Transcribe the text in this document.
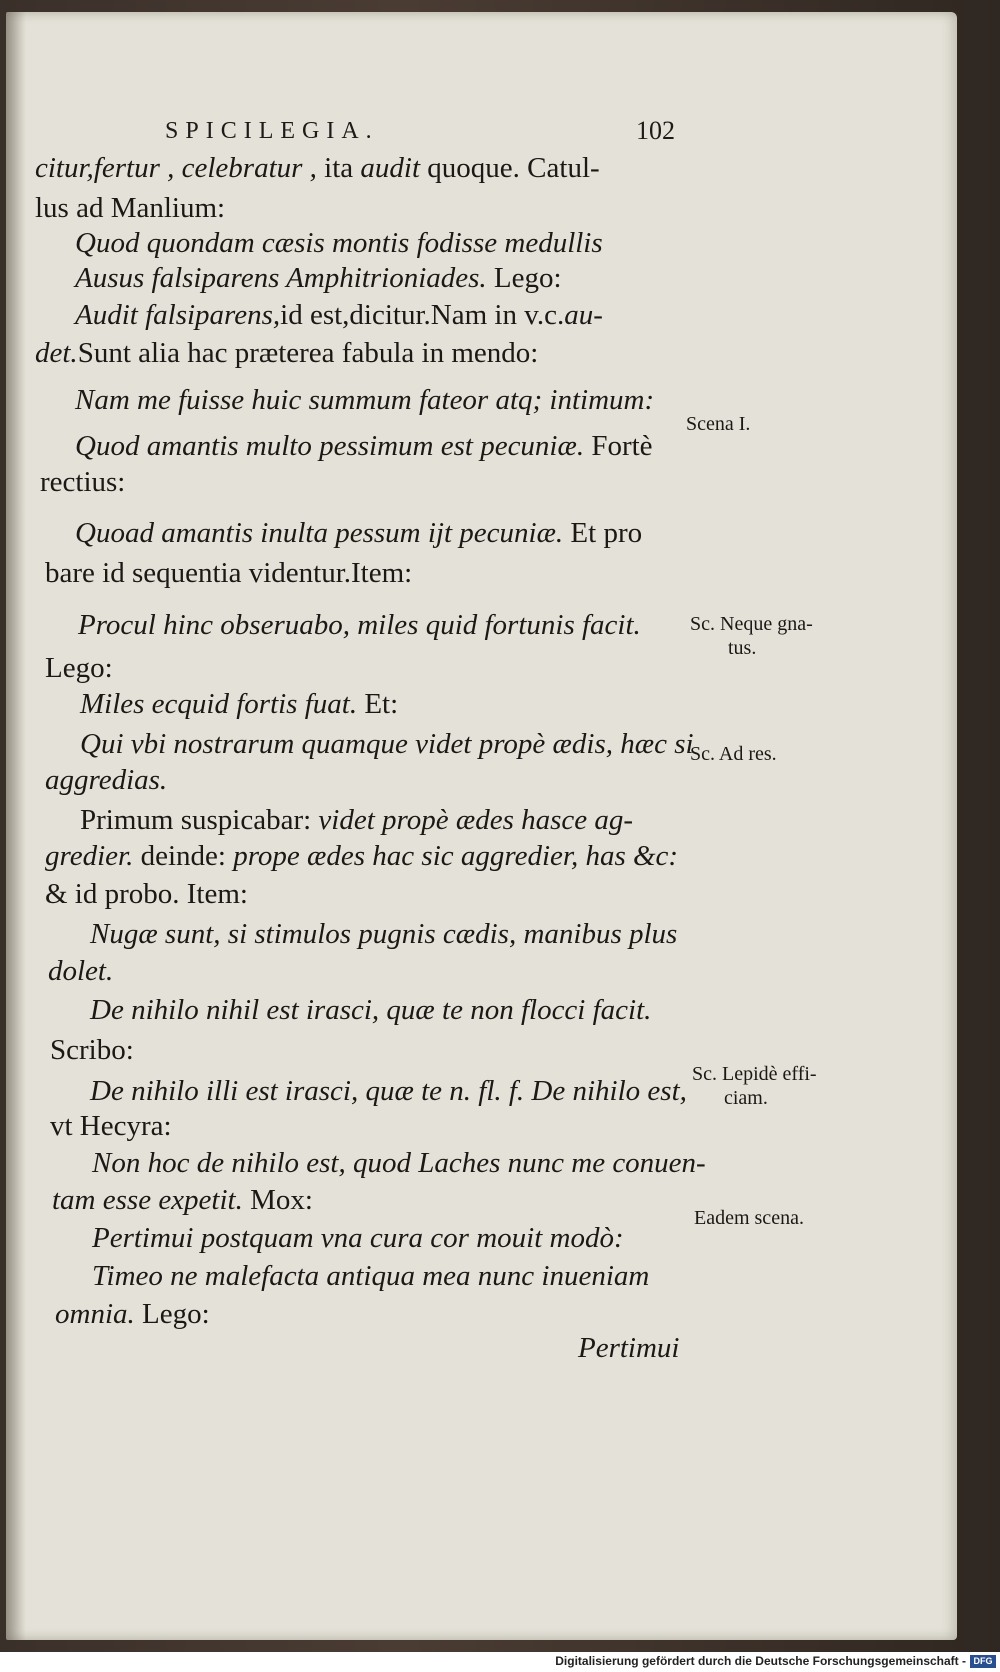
SPICILEGIA.	102
citur,fertur , celebratur , ita audit quoque. Catul-
lus ad Manlium:
Quod quondam cæsis montis fodisse medullis
Ausus falsiparens Amphitrioniades. Lego:
Audit falsiparens,id est,dicitur.Nam in v.c.au-
det.Sunt alia hac præterea fabula in mendo:
Nam me fuisse huic summum fateor atq; intimum:
Quod amantis multo pessimum est pecuniæ. Fortè
rectius:
Quoad amantis inulta pessum ijt pecuniæ. Et pro
bare id sequentia videntur.Item:
Procul hinc obseruabo, miles quid fortunis facit.
Lego:
Miles ecquid fortis fuat. Et:
Qui vbi nostrarum quamque videt propè ædis, hæc si
aggredias.
Primum suspicabar: videt propè ædes hasce ag-
gredier. deinde: prope ædes hac sic aggredier, has &c:
& id probo. Item:
Nugæ sunt, si stimulos pugnis cædis, manibus plus
dolet.
De nihilo nihil est irasci, quæ te non flocci facit.
Scribo:
De nihilo illi est irasci, quæ te n. fl. f. De nihilo est,
vt Hecyra:
Non hoc de nihilo est, quod Laches nunc me conuen-
tam esse expetit. Mox:
Pertimui postquam vna cura cor mouit modò:
Timeo ne malefacta antiqua mea nunc inueniam
omnia. Lego:
Pertimui
Scena I.
Sc. Neque gna-
tus.
Sc. Ad res.
Sc. Lepidè effi-
ciam.
Eadem scena.
Digitalisierung gefördert durch die Deutsche Forschungsgemeinschaft - DFG
